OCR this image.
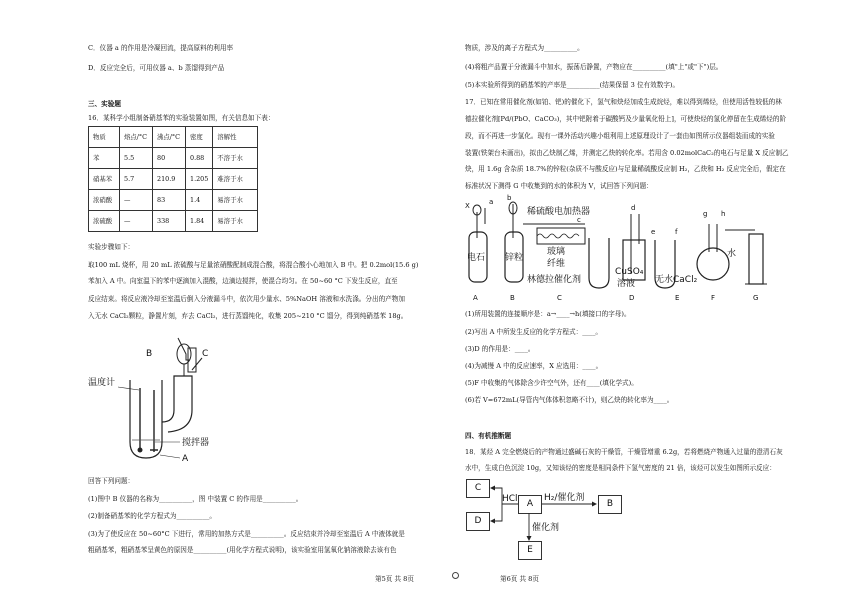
C．仪器 a 的作用是冷凝回流，提高原料的利用率
D．反应完全后，可用仪器 a、b 蒸馏得到产品
三、实验题
16．某科学小组制备硝基苯的实验装置如图，有关信息如下表：
物质	熔点/°C	沸点/°C	密度	溶解性
苯	5.5	80	0.88	不溶于水
硝基苯	5.7	210.9	1.205	难溶于水
浓硝酸	—	83	1.4	易溶于水
浓硫酸	—	338	1.84	易溶于水
实验步骤如下：
取100 mL 烧杯，用 20 mL 浓硫酸与足量浓硝酸配制成混合酸，将混合酸小心地加入 B 中。把 0.2mol(15.6 g)
苯加入 A 中。向室温下的苯中逐滴加入混酸，边滴边搅拌，使混合均匀。在 50~60 °C 下发生反应，直至
反应结束。将反应液冷却至室温后倒入分液漏斗中，依次用少量水、5%NaOH 溶液和水洗涤。分出的产物加
入无水 CaCl₂颗粒，静置片刻，弃去 CaCl₂，进行蒸馏纯化，收集 205~210 °C 馏分，得到纯硝基苯 18g。
B	C
温度计
搅拌器
A
回答下列问题：
(1)图中 B 仪器的名称为__________，图 中装置 C 的作用是__________。
(2)制备硝基苯的化学方程式为__________。
(3)为了使反应在 50~60°C 下进行，常用的加热方式是__________。反应结束并冷却至室温后 A 中液体就是
粗硝基苯，粗硝基苯呈黄色的原因是__________(用化学方程式说明)，该实验室用氢氧化钠溶液除去该有色
第5页 共 8页	第6页 共 8页
物质，涉及的离子方程式为__________。
(4)将粗产品置于分液漏斗中加水，振荡后静置，产物应在__________(填"上"或"下")层。
(5)本实验所得到的硝基苯的产率是__________(结果保留 3 位有效数字)。
17．已知在常用催化剂(如铂、钯)的催化下，氢气和炔烃加成生成烷烃，难以得到烯烃，但使用活性较低的林
德拉催化剂[Pd/(PbO、CaCO₃)，其中钯附着于碳酸钙及少量氧化铅上]，可使炔烃的氢化停留在生成烯烃的阶
段，而不再进一步氢化。现有一课外活动兴趣小组利用上述原理设计了一套由如图所示仪器组装而成的实验
装置(铁架台未画出)，拟由乙炔制乙烯，并测定乙炔的转化率。若用含 0.02molCaC₂的电石与足量 X 反应制乙
炔，用 1.6g 含杂质 18.7%的锌粒(杂质不与酸反应)与足量稀硫酸反应制 H₂，乙炔和 H₂ 反应完全后，假定在
标准状况下测得 G 中收集到的水的体积为 V，试回答下列问题：
X	a b
稀硫酸电加热器
c
d
e	f
g h
电石 锌粒
玻璃
纤维
林德拉催化剂
CuSO₄
溶液 无水CaCl₂
水
A	B	C	D	E	F	G
(1)所用装置的连接顺序是：a→____→h(填接口的字母)。
(2)写出 A 中所发生反应的化学方程式：____。
(3)D 的作用是：____。
(4)为减慢 A 中的反应速率，X 应选用：____。
(5)F 中收集的气体除含少许空气外，还有____(填化学式)。
(6)若 V=672mL(导管内气体体积忽略不计)，则乙炔的转化率为____。
四、有机推断题
18．某烃 A 完全燃烧后的产物通过盛碱石灰的干燥管，干燥管增重 6.2g，若将燃烧产物通入过量的澄清石灰
水中，生成白色沉淀 10g，又知该烃的密度是相同条件下氢气密度的 21 倍，该烃可以发生如图所示反应：
C
D
A	B
E
HCl	H₂/催化剂
催化剂
